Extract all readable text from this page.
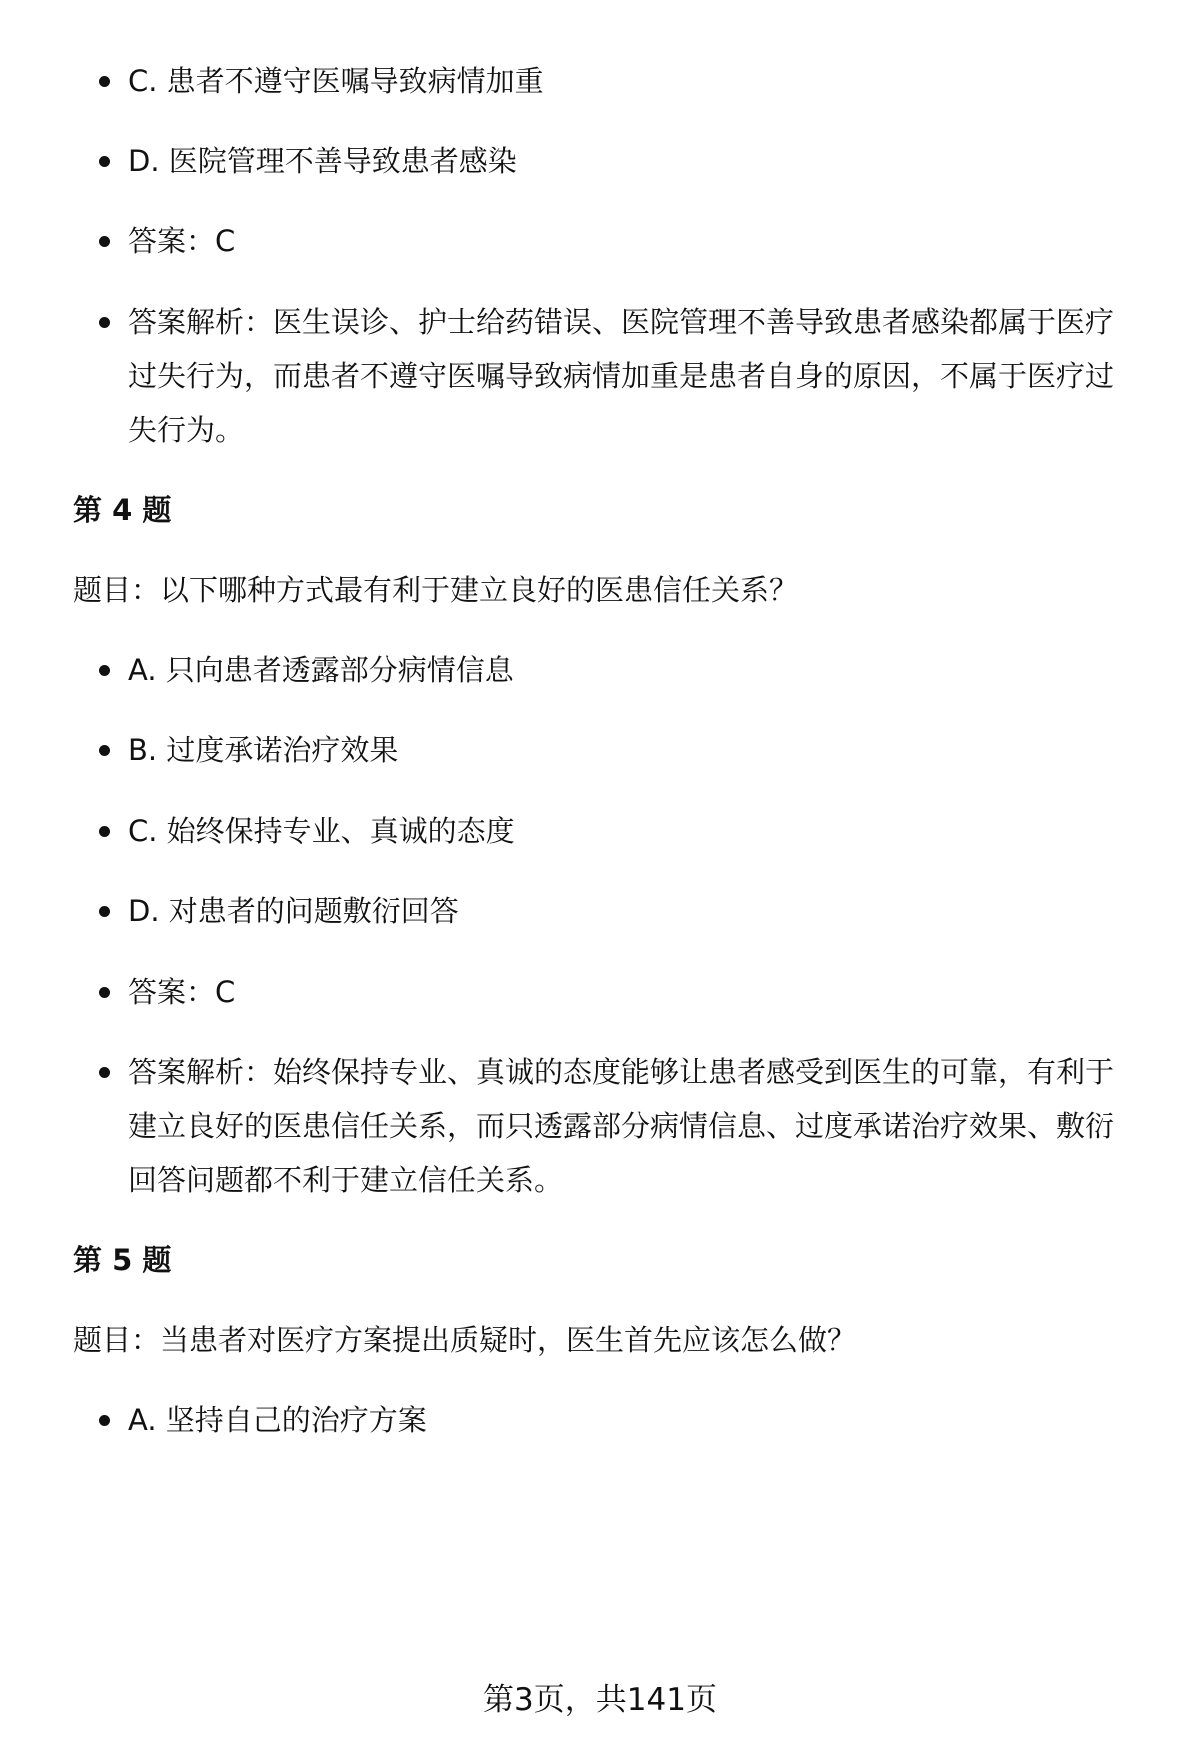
C. 患者不遵守医嘱导致病情加重
D. 医院管理不善导致患者感染
答案：C
答案解析：医生误诊、护士给药错误、医院管理不善导致患者感染都属于医疗
过失行为，而患者不遵守医嘱导致病情加重是患者自身的原因，不属于医疗过
失行为。
第 4 题
题目：以下哪种方式最有利于建立良好的医患信任关系？
A. 只向患者透露部分病情信息
B. 过度承诺治疗效果
C. 始终保持专业、真诚的态度
D. 对患者的问题敷衍回答
答案：C
答案解析：始终保持专业、真诚的态度能够让患者感受到医生的可靠，有利于
建立良好的医患信任关系，而只透露部分病情信息、过度承诺治疗效果、敷衍
回答问题都不利于建立信任关系。
第 5 题
题目：当患者对医疗方案提出质疑时，医生首先应该怎么做？
A. 坚持自己的治疗方案
第3页，共141页
